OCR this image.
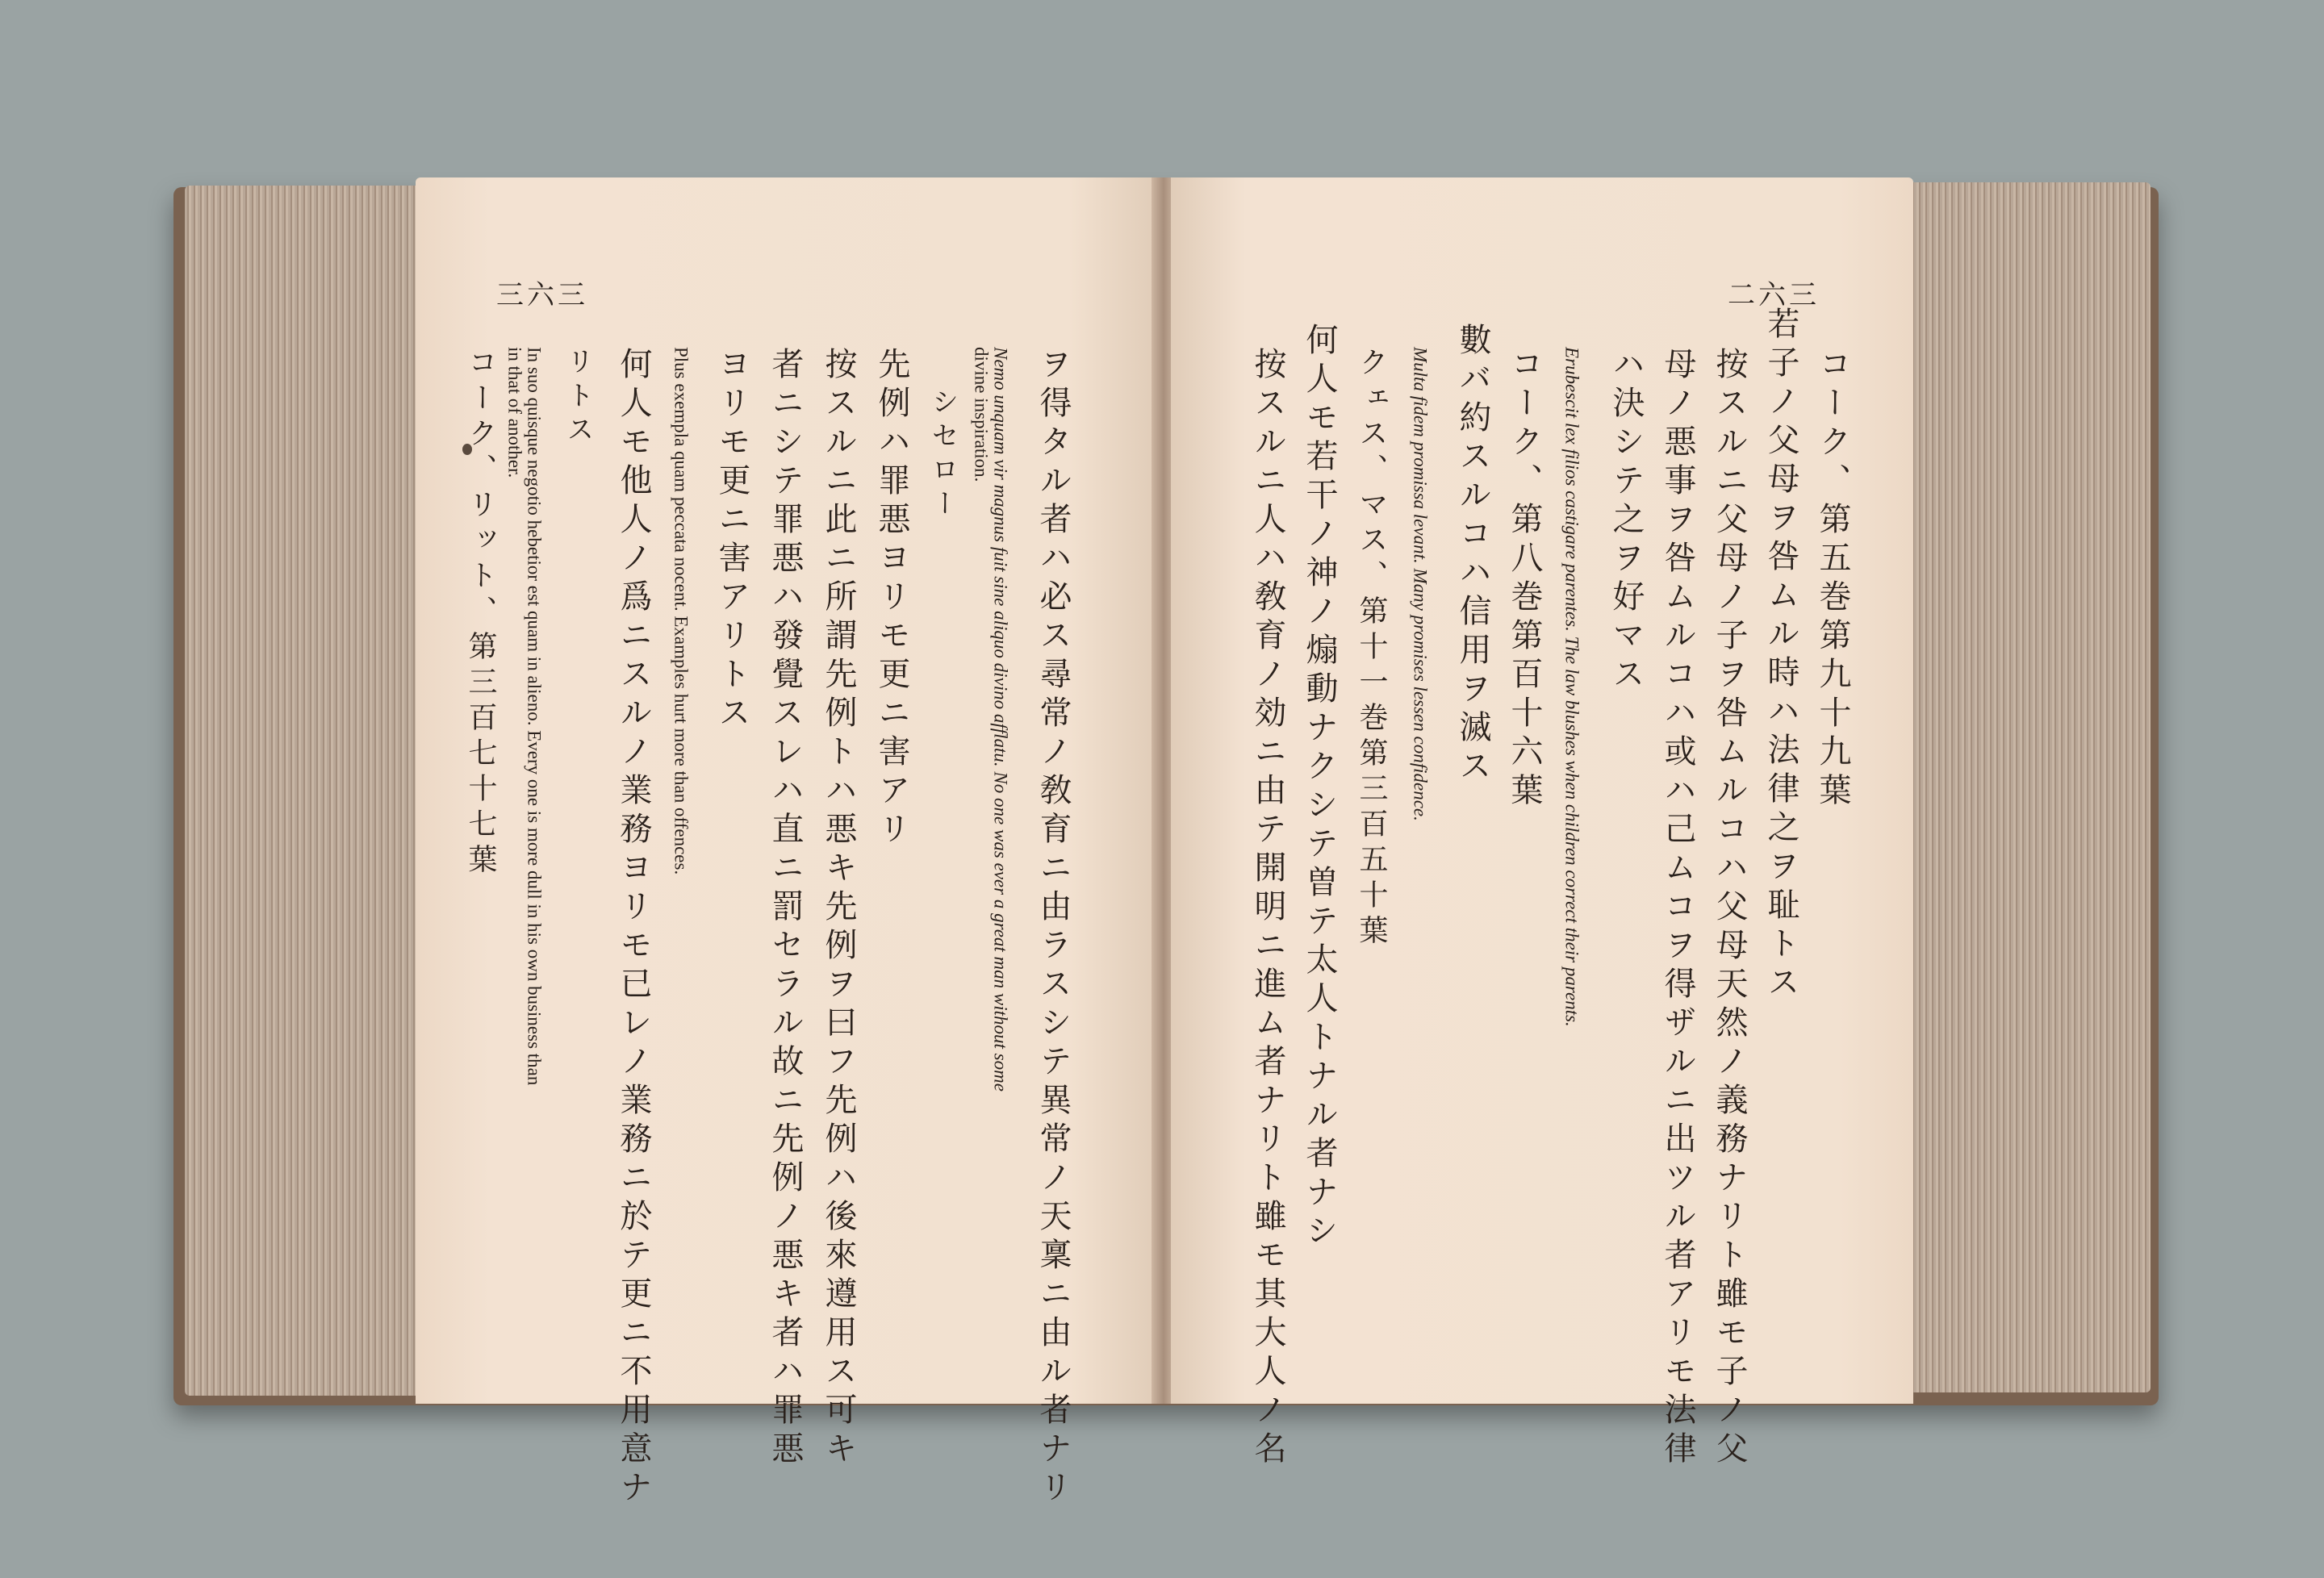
三六三
ヲ得タル者ハ必ス尋常ノ敎育ニ由ラスシテ異常ノ天稟ニ由ル者ナリ
Nemo unquam vir magnus fuit sine aliquo divino afflatu. No one was ever a great man without some
divine inspiration.
シセロー
先例ハ罪悪ヨリモ更ニ害アリ
按スルニ此ニ所謂先例トハ悪キ先例ヲ曰フ先例ハ後來遵用ス可キ
者ニシテ罪悪ハ發覺スレハ直ニ罰セラル故ニ先例ノ悪キ者ハ罪悪
ヨリモ更ニ害アリトス
Plus exempla quam peccata nocent. Examples hurt more than offences.
何人モ他人ノ爲ニスルノ業務ヨリモ已レノ業務ニ於テ更ニ不用意ナ
リトス
In suo quisque negotio hebetior est quam in alieno. Every one is more dull in his own business than
in that of another.
コーク、リット、第三百七十七葉
二六三
コーク、第五巻第九十九葉
若子ノ父母ヲ咎ムル時ハ法律之ヲ耻トス
按スルニ父母ノ子ヲ咎ムルコハ父母天然ノ義務ナリト雖モ子ノ父
母ノ悪事ヲ咎ムルコハ或ハ己ムコヲ得ザルニ出ツル者アリモ法律
ハ決シテ之ヲ好マス
Erubescit lex filios castigare parentes. The law blushes when children correct their parents.
コーク、第八巻第百十六葉
數バ約スルコハ信用ヲ滅ス
Multa fidem promissa levant. Many promises lessen confidence.
クェス、マス、第十一巻第三百五十葉
何人モ若干ノ神ノ煽動ナクシテ曽テ太人トナル者ナシ
按スルニ人ハ敎育ノ効ニ由テ開明ニ進ム者ナリト雖モ其大人ノ名
